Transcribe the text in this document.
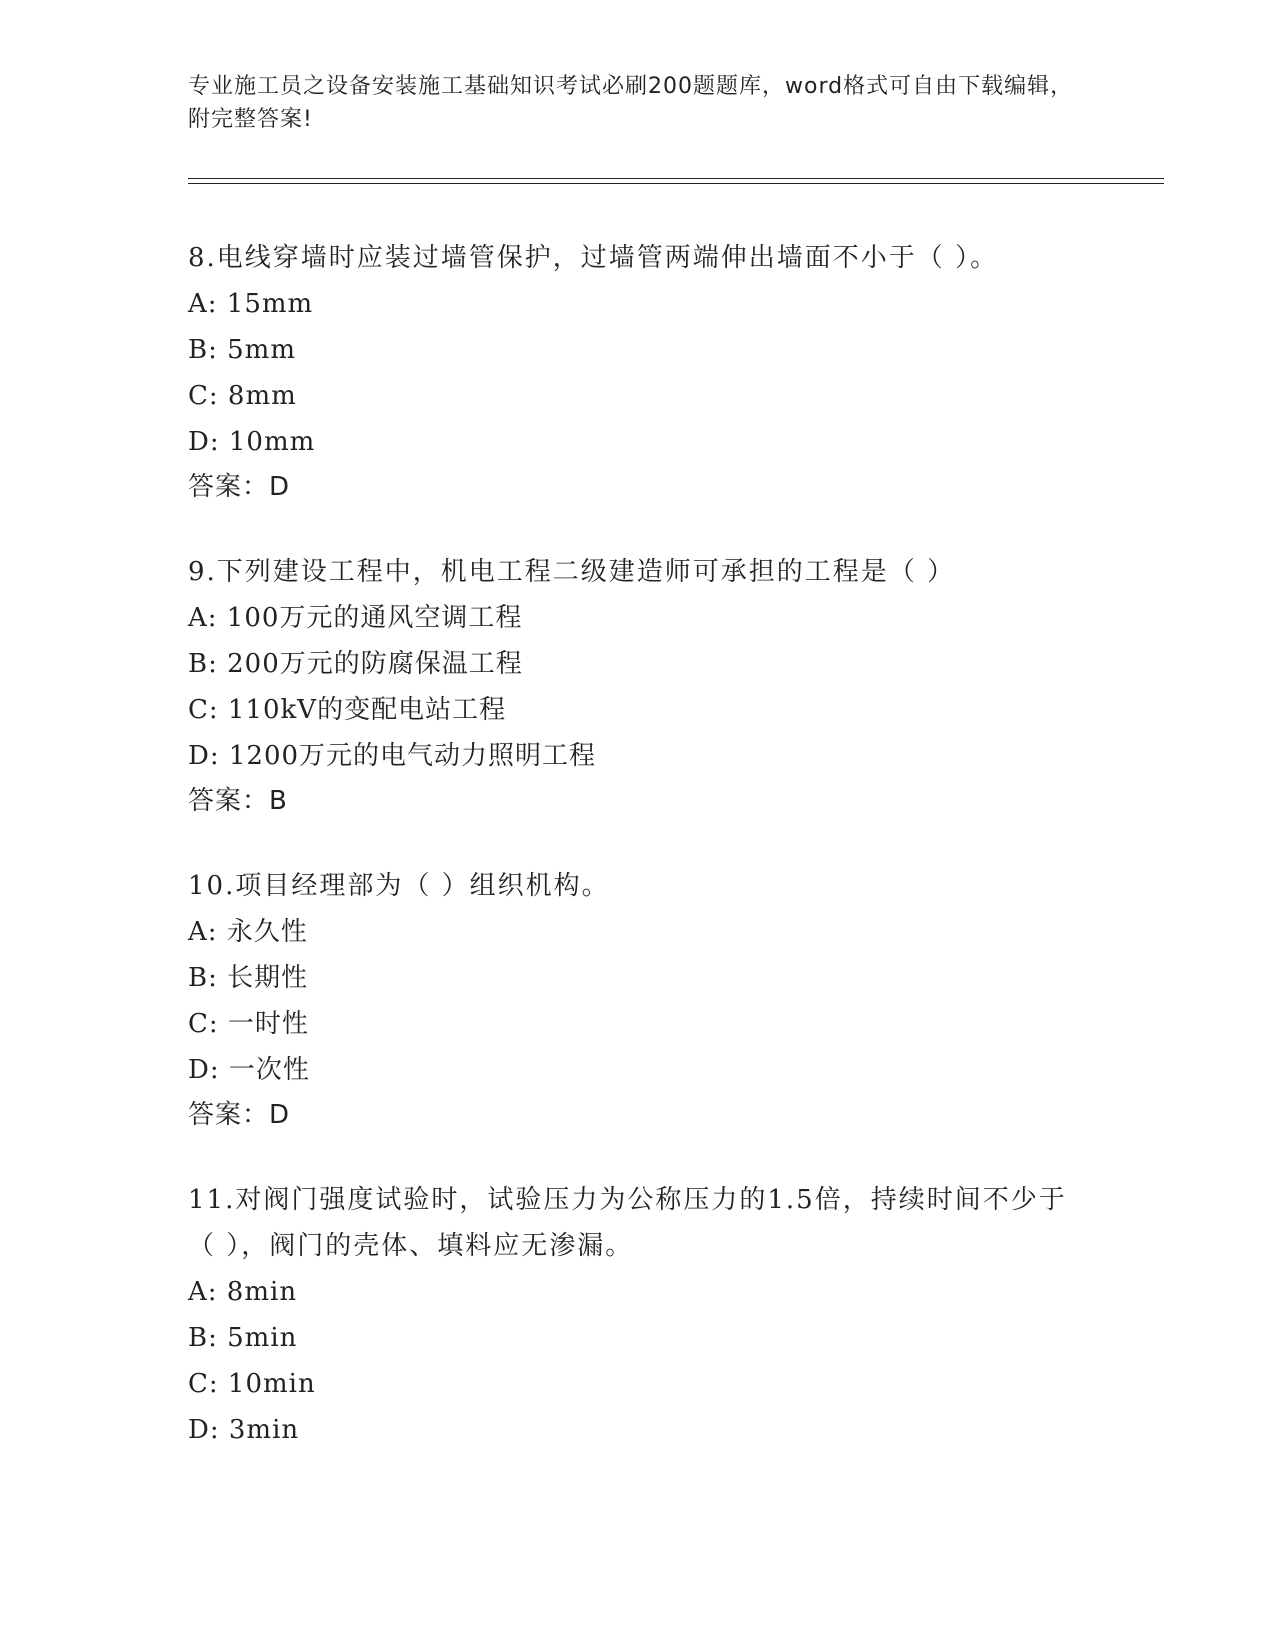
专业施工员之设备安装施工基础知识考试必刷200题题库，word格式可自由下载编辑，附完整答案!
8.电线穿墙时应装过墙管保护，过墙管两端伸出墙面不小于（ ）。
A: 15mm
B: 5mm
C: 8mm
D: 10mm
答案：D
9.下列建设工程中，机电工程二级建造师可承担的工程是（ ）
A: 100万元的通风空调工程
B: 200万元的防腐保温工程
C: 110kV的变配电站工程
D: 1200万元的电气动力照明工程
答案：B
10.项目经理部为（ ）组织机构。
A: 永久性
B: 长期性
C: 一时性
D: 一次性
答案：D
11.对阀门强度试验时，试验压力为公称压力的1.5倍，持续时间不少于（ ），阀门的壳体、填料应无渗漏。
A: 8min
B: 5min
C: 10min
D: 3min
